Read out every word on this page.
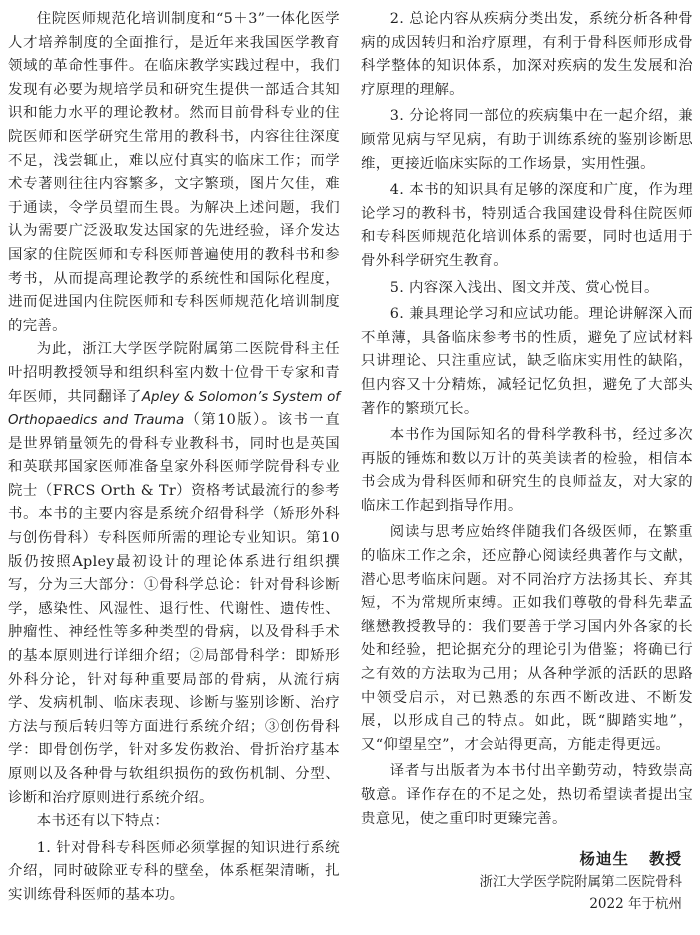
住院医师规范化培训制度和“5＋3”一体化医学人才培养制度的全面推行，是近年来我国医学教育领域的革命性事件。在临床教学实践过程中，我们发现有必要为规培学员和研究生提供一部适合其知识和能力水平的理论教材。然而目前骨科专业的住院医师和医学研究生常用的教科书，内容往往深度不足，浅尝辄止，难以应付真实的临床工作；而学术专著则往往内容繁多，文字繁琐，图片欠佳，难于通读，令学员望而生畏。为解决上述问题，我们认为需要广泛汲取发达国家的先进经验，译介发达国家的住院医师和专科医师普遍使用的教科书和参考书，从而提高理论教学的系统性和国际化程度，进而促进国内住院医师和专科医师规范化培训制度的完善。

为此，浙江大学医学院附属第二医院骨科主任叶招明教授领导和组织科室内数十位骨干专家和青年医师，共同翻译了Apley & Solomon’s System of Orthopaedics and Trauma（第10版）。该书一直是世界销量领先的骨科专业教科书，同时也是英国和英联邦国家医师准备皇家外科医师学院骨科专业院士（FRCS Orth & Tr）资格考试最流行的参考书。本书的主要内容是系统介绍骨科学（矫形外科与创伤骨科）专科医师所需的理论专业知识。第10版仍按照Apley最初设计的理论体系进行组织撰写，分为三大部分：①骨科学总论：针对骨科诊断学，感染性、风湿性、退行性、代谢性、遗传性、肿瘤性、神经性等多种类型的骨病，以及骨科手术的基本原则进行详细介绍；②局部骨科学：即矫形外科分论，针对每种重要局部的骨病，从流行病学、发病机制、临床表现、诊断与鉴别诊断、治疗方法与预后转归等方面进行系统介绍；③创伤骨科学：即骨创伤学，针对多发伤救治、骨折治疗基本原则以及各种骨与软组织损伤的致伤机制、分型、诊断和治疗原则进行系统介绍。

本书还有以下特点：

1. 针对骨科专科医师必须掌握的知识进行系统介绍，同时破除亚专科的壁垒，体系框架清晰，扎实训练骨科医师的基本功。

2. 总论内容从疾病分类出发，系统分析各种骨病的成因转归和治疗原理，有利于骨科医师形成骨科学整体的知识体系，加深对疾病的发生发展和治疗原理的理解。

3. 分论将同一部位的疾病集中在一起介绍，兼顾常见病与罕见病，有助于训练系统的鉴别诊断思维，更接近临床实际的工作场景，实用性强。

4. 本书的知识具有足够的深度和广度，作为理论学习的教科书，特别适合我国建设骨科住院医师和专科医师规范化培训体系的需要，同时也适用于骨外科学研究生教育。

5. 内容深入浅出、图文并茂、赏心悦目。

6. 兼具理论学习和应试功能。理论讲解深入而不单薄，具备临床参考书的性质，避免了应试材料只讲理论、只注重应试，缺乏临床实用性的缺陷，但内容又十分精炼，减轻记忆负担，避免了大部头著作的繁琐冗长。

本书作为国际知名的骨科学教科书，经过多次再版的锤炼和数以万计的英美读者的检验，相信本书会成为骨科医师和研究生的良师益友，对大家的临床工作起到指导作用。

阅读与思考应始终伴随我们各级医师，在繁重的临床工作之余，还应静心阅读经典著作与文献，潜心思考临床问题。对不同治疗方法扬其长、弃其短，不为常规所束缚。正如我们尊敬的骨科先辈孟继懋教授教导的：我们要善于学习国内外各家的长处和经验，把论据充分的理论引为借鉴；将确已行之有效的方法取为己用；从各种学派的活跃的思路中领受启示，对已熟悉的东西不断改进、不断发展，以形成自己的特点。如此，既“脚踏实地”，又“仰望星空”，才会站得更高，方能走得更远。

译者与出版者为本书付出辛勤劳动，特致崇高敬意。译作存在的不足之处，热切希望读者提出宝贵意见，使之重印时更臻完善。

杨迪生 教授
浙江大学医学院附属第二医院骨科
2022 年于杭州
